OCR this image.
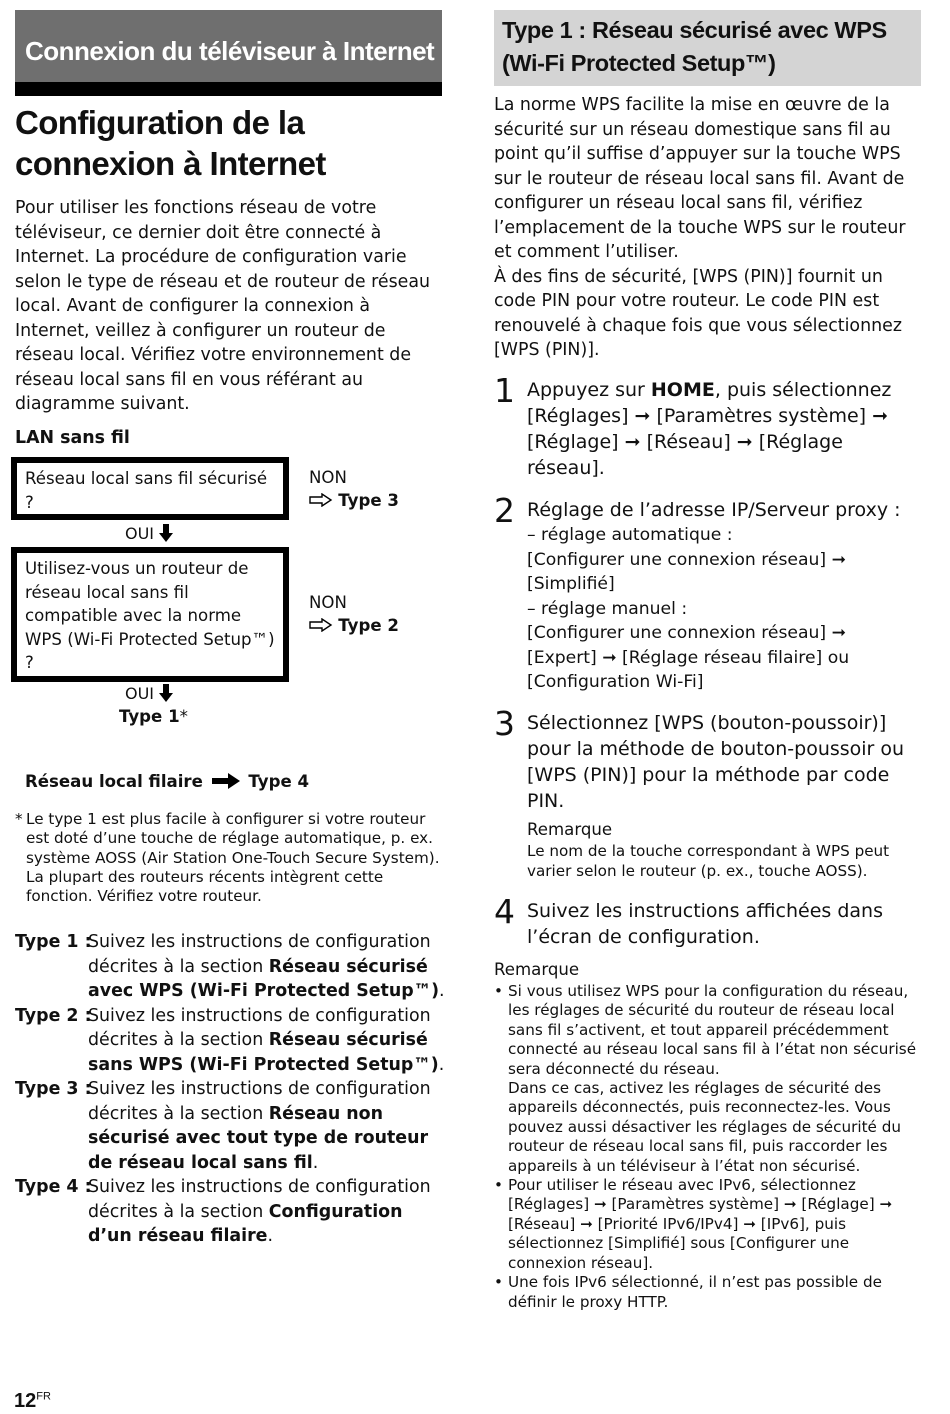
Connexion du téléviseur à Internet
Configuration de la connexion à Internet
Pour utiliser les fonctions réseau de votre téléviseur, ce dernier doit être connecté à Internet. La procédure de configuration varie selon le type de réseau et de routeur de réseau local. Avant de configurer la connexion à Internet, veillez à configurer un routeur de réseau local. Vérifiez votre environnement de réseau local sans fil en vous référant au diagramme suivant.
LAN sans fil
Réseau local sans fil sécurisé ?
NON
Type 3
OUI
Utilisez-vous un routeur de réseau local sans fil compatible avec la norme WPS (Wi-Fi Protected Setup™) ?
NON
Type 2
OUI
Type 1*
Réseau local filaire	Type 4
* Le type 1 est plus facile à configurer si votre routeur est doté d’une touche de réglage automatique, p. ex. système AOSS (Air Station One-Touch Secure System). La plupart des routeurs récents intègrent cette fonction. Vérifiez votre routeur.
Type 1 :
Suivez les instructions de configuration décrites à la section Réseau sécurisé avec WPS (Wi-Fi Protected Setup™).
Type 2 :
Suivez les instructions de configuration décrites à la section Réseau sécurisé sans WPS (Wi-Fi Protected Setup™).
Type 3 :
Suivez les instructions de configuration décrites à la section Réseau non sécurisé avec tout type de routeur de réseau local sans fil.
Type 4 :
Suivez les instructions de configuration décrites à la section Configuration d’un réseau filaire.
Type 1 : Réseau sécurisé avec WPS (Wi-Fi Protected Setup™)
La norme WPS facilite la mise en œuvre de la sécurité sur un réseau domestique sans fil au point qu’il suffise d’appuyer sur la touche WPS sur le routeur de réseau local sans fil. Avant de configurer un réseau local sans fil, vérifiez l’emplacement de la touche WPS sur le routeur et comment l’utiliser.
À des fins de sécurité, [WPS (PIN)] fournit un code PIN pour votre routeur. Le code PIN est renouvelé à chaque fois que vous sélectionnez [WPS (PIN)].
1 Appuyez sur HOME, puis sélectionnez [Réglages] ➞ [Paramètres système] ➞ [Réglage] ➞ [Réseau] ➞ [Réglage réseau].
2 Réglage de l’adresse IP/Serveur proxy :
– réglage automatique :
[Configurer une connexion réseau] ➞
[Simplifié]
– réglage manuel :
[Configurer une connexion réseau] ➞
[Expert] ➞ [Réglage réseau filaire] ou
[Configuration Wi-Fi]
3 Sélectionnez [WPS (bouton-poussoir)] pour la méthode de bouton-poussoir ou [WPS (PIN)] pour la méthode par code PIN.
Remarque
Le nom de la touche correspondant à WPS peut varier selon le routeur (p. ex., touche AOSS).
4 Suivez les instructions affichées dans l’écran de configuration.
Remarque
• Si vous utilisez WPS pour la configuration du réseau, les réglages de sécurité du routeur de réseau local sans fil s’activent, et tout appareil précédemment connecté au réseau local sans fil à l’état non sécurisé sera déconnecté du réseau.
Dans ce cas, activez les réglages de sécurité des appareils déconnectés, puis reconnectez-les. Vous pouvez aussi désactiver les réglages de sécurité du routeur de réseau local sans fil, puis raccorder les appareils à un téléviseur à l’état non sécurisé.
• Pour utiliser le réseau avec IPv6, sélectionnez [Réglages] ➞ [Paramètres système] ➞ [Réglage] ➞ [Réseau] ➞ [Priorité IPv6/IPv4] ➞ [IPv6], puis sélectionnez [Simplifié] sous [Configurer une connexion réseau].
• Une fois IPv6 sélectionné, il n’est pas possible de définir le proxy HTTP.
$12^{FR}$
